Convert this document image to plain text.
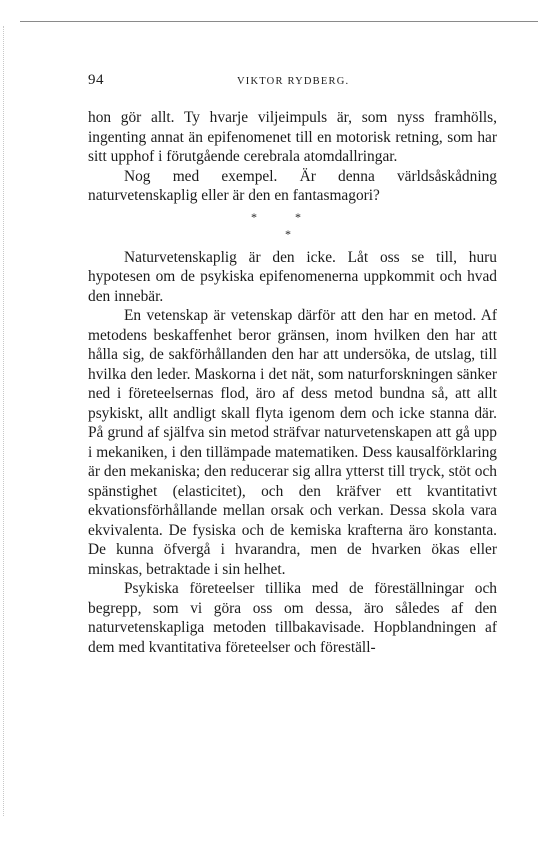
94	VIKTOR RYDBERG.

hon gör allt. Ty hvarje viljeimpuls är, som nyss framhölls, ingenting annat än epifenomenet till en motorisk retning, som har sitt upphof i förutgående cerebrala atomdallringar.

Nog med exempel. Är denna världsåskådning naturvetenskaplig eller är den en fantasmagori?

*	*
*

Naturvetenskaplig är den icke. Låt oss se till, huru hypotesen om de psykiska epifenomenerna uppkommit och hvad den innebär.

En vetenskap är vetenskap därför att den har en metod. Af metodens beskaffenhet beror gränsen, inom hvilken den har att hålla sig, de sakförhållanden den har att undersöka, de utslag, till hvilka den leder. Maskorna i det nät, som naturforskningen sänker ned i företeelsernas flod, äro af dess metod bundna så, att allt psykiskt, allt andligt skall flyta igenom dem och icke stanna där. På grund af själfva sin metod sträfvar naturvetenskapen att gå upp i mekaniken, i den tillämpade matematiken. Dess kausalförklaring är den mekaniska; den reducerar sig allra ytterst till tryck, stöt och spänstighet (elasticitet), och den kräfver ett kvantitativt ekvationsförhållande mellan orsak och verkan. Dessa skola vara ekvivalenta. De fysiska och de kemiska krafterna äro konstanta. De kunna öfvergå i hvarandra, men de hvarken ökas eller minskas, betraktade i sin helhet.

Psykiska företeelser tillika med de föreställningar och begrepp, som vi göra oss om dessa, äro således af den naturvetenskapliga metoden tillbakavisade. Hopblandningen af dem med kvantitativa företeelser och föreställ-
